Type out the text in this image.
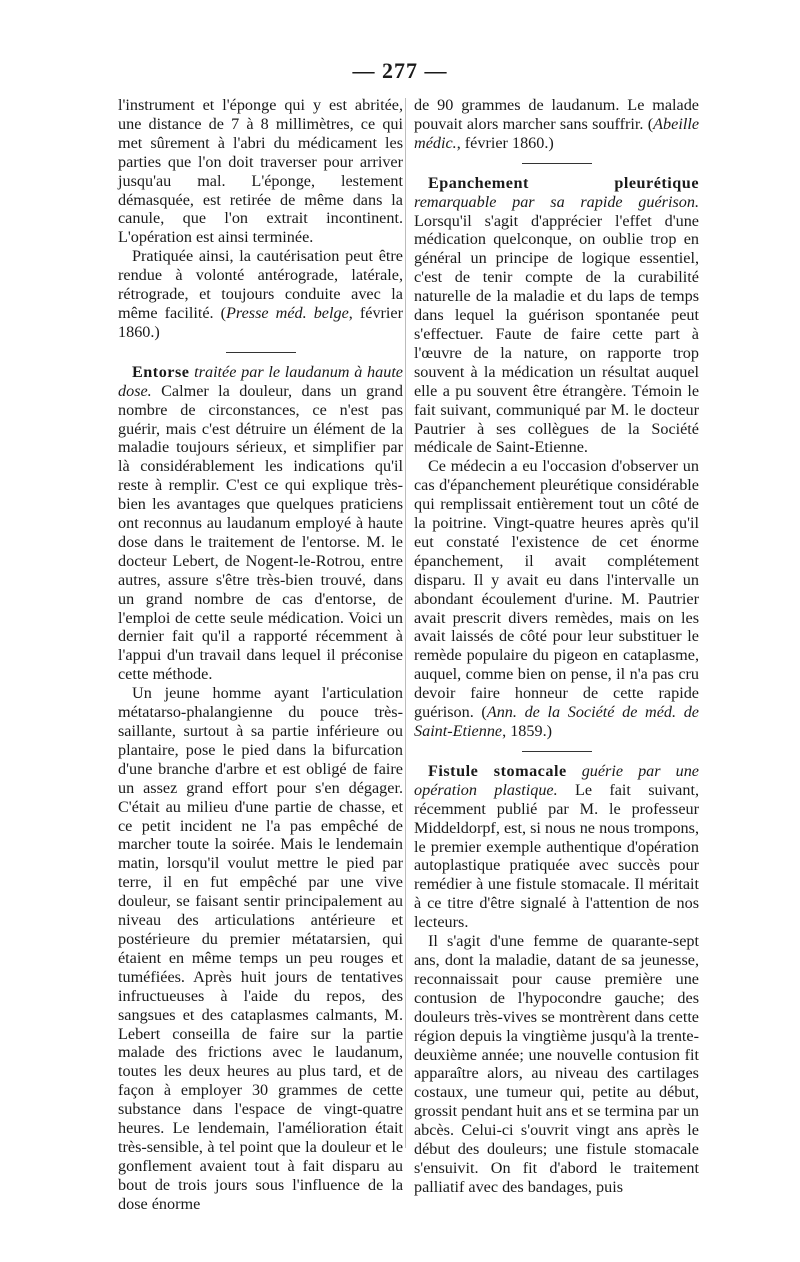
— 277 —

l'instrument et l'éponge qui y est abritée, une distance de 7 à 8 millimètres, ce qui met sûrement à l'abri du médicament les parties que l'on doit traverser pour arriver jusqu'au mal. L'éponge, lestement démasquée, est retirée de même dans la canule, que l'on extrait incontinent. L'opération est ainsi terminée.

Pratiquée ainsi, la cautérisation peut être rendue à volonté antérograde, latérale, rétrograde, et toujours conduite avec la même facilité. (Presse méd. belge, février 1860.)

Entorse traitée par le laudanum à haute dose. Calmer la douleur, dans un grand nombre de circonstances, ce n'est pas guérir, mais c'est détruire un élément de la maladie toujours sérieux, et simplifier par là considérablement les indications qu'il reste à remplir. C'est ce qui explique très-bien les avantages que quelques praticiens ont reconnus au laudanum employé à haute dose dans le traitement de l'entorse. M. le docteur Lebert, de Nogent-le-Rotrou, entre autres, assure s'être très-bien trouvé, dans un grand nombre de cas d'entorse, de l'emploi de cette seule médication. Voici un dernier fait qu'il a rapporté récemment à l'appui d'un travail dans lequel il préconise cette méthode.

Un jeune homme ayant l'articulation métatarso-phalangienne du pouce très-saillante, surtout à sa partie inférieure ou plantaire, pose le pied dans la bifurcation d'une branche d'arbre et est obligé de faire un assez grand effort pour s'en dégager. C'était au milieu d'une partie de chasse, et ce petit incident ne l'a pas empêché de marcher toute la soirée. Mais le lendemain matin, lorsqu'il voulut mettre le pied par terre, il en fut empêché par une vive douleur, se faisant sentir principalement au niveau des articulations antérieure et postérieure du premier métatarsien, qui étaient en même temps un peu rouges et tuméfiées. Après huit jours de tentatives infructueuses à l'aide du repos, des sangsues et des cataplasmes calmants, M. Lebert conseilla de faire sur la partie malade des frictions avec le laudanum, toutes les deux heures au plus tard, et de façon à employer 30 grammes de cette substance dans l'espace de vingt-quatre heures. Le lendemain, l'amélioration était très-sensible, à tel point que la douleur et le gonflement avaient tout à fait disparu au bout de trois jours sous l'influence de la dose énorme

de 90 grammes de laudanum. Le malade pouvait alors marcher sans souffrir. (Abeille médic., février 1860.)

Epanchement pleurétique remarquable par sa rapide guérison. Lorsqu'il s'agit d'apprécier l'effet d'une médication quelconque, on oublie trop en général un principe de logique essentiel, c'est de tenir compte de la curabilité naturelle de la maladie et du laps de temps dans lequel la guérison spontanée peut s'effectuer. Faute de faire cette part à l'œuvre de la nature, on rapporte trop souvent à la médication un résultat auquel elle a pu souvent être étrangère. Témoin le fait suivant, communiqué par M. le docteur Pautrier à ses collègues de la Société médicale de Saint-Etienne.

Ce médecin a eu l'occasion d'observer un cas d'épanchement pleurétique considérable qui remplissait entièrement tout un côté de la poitrine. Vingt-quatre heures après qu'il eut constaté l'existence de cet énorme épanchement, il avait complétement disparu. Il y avait eu dans l'intervalle un abondant écoulement d'urine. M. Pautrier avait prescrit divers remèdes, mais on les avait laissés de côté pour leur substituer le remède populaire du pigeon en cataplasme, auquel, comme bien on pense, il n'a pas cru devoir faire honneur de cette rapide guérison. (Ann. de la Société de méd. de Saint-Etienne, 1859.)

Fistule stomacale guérie par une opération plastique. Le fait suivant, récemment publié par M. le professeur Middeldorpf, est, si nous ne nous trompons, le premier exemple authentique d'opération autoplastique pratiquée avec succès pour remédier à une fistule stomacale. Il méritait à ce titre d'être signalé à l'attention de nos lecteurs.

Il s'agit d'une femme de quarante-sept ans, dont la maladie, datant de sa jeunesse, reconnaissait pour cause première une contusion de l'hypocondre gauche; des douleurs très-vives se montrèrent dans cette région depuis la vingtième jusqu'à la trente-deuxième année; une nouvelle contusion fit apparaître alors, au niveau des cartilages costaux, une tumeur qui, petite au début, grossit pendant huit ans et se termina par un abcès. Celui-ci s'ouvrit vingt ans après le début des douleurs; une fistule stomacale s'ensuivit. On fit d'abord le traitement palliatif avec des bandages, puis
